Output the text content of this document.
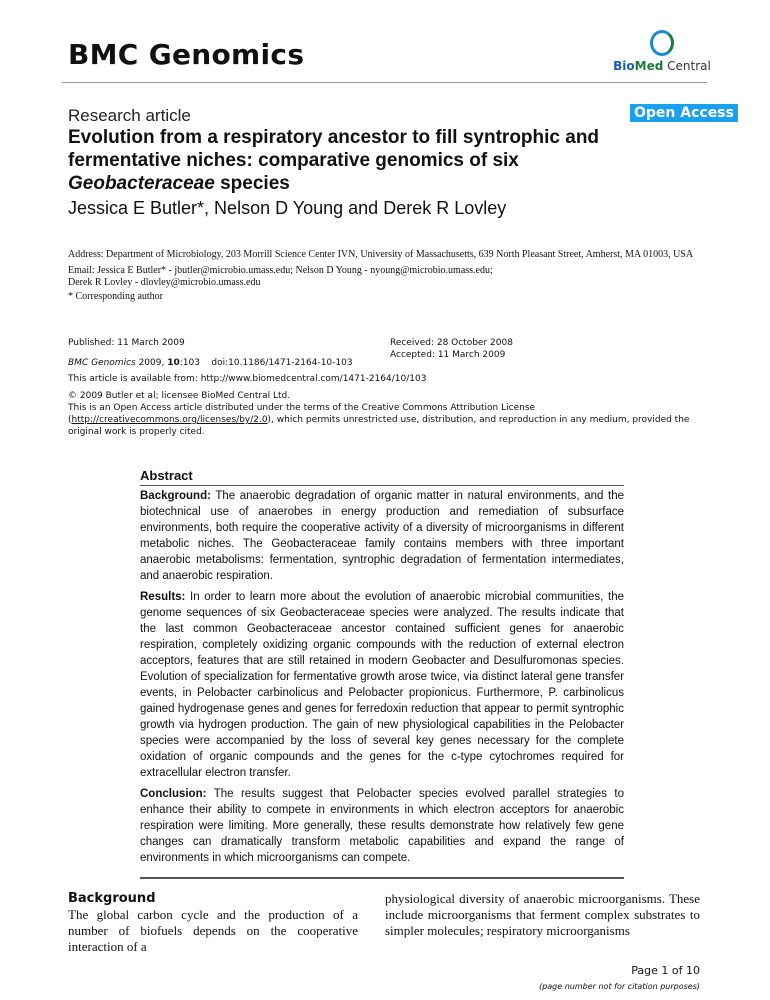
BMC Genomics	BioMed Central
Research article	Open Access
Evolution from a respiratory ancestor to fill syntrophic and fermentative niches: comparative genomics of six Geobacteraceae species
Jessica E Butler*, Nelson D Young and Derek R Lovley
Address: Department of Microbiology, 203 Morrill Science Center IVN, University of Massachusetts, 639 North Pleasant Street, Amherst, MA 01003, USA
Email: Jessica E Butler* - jbutler@microbio.umass.edu; Nelson D Young - nyoung@microbio.umass.edu;
Derek R Lovley - dlovley@microbio.umass.edu
* Corresponding author
Published: 11 March 2009
BMC Genomics 2009, 10:103    doi:10.1186/1471-2164-10-103
Received: 28 October 2008
Accepted: 11 March 2009
This article is available from: http://www.biomedcentral.com/1471-2164/10/103
© 2009 Butler et al; licensee BioMed Central Ltd.
This is an Open Access article distributed under the terms of the Creative Commons Attribution License (http://creativecommons.org/licenses/by/2.0), which permits unrestricted use, distribution, and reproduction in any medium, provided the original work is properly cited.
Abstract

Background: The anaerobic degradation of organic matter in natural environments, and the biotechnical use of anaerobes in energy production and remediation of subsurface environments, both require the cooperative activity of a diversity of microorganisms in different metabolic niches. The Geobacteraceae family contains members with three important anaerobic metabolisms: fermentation, syntrophic degradation of fermentation intermediates, and anaerobic respiration.

Results: In order to learn more about the evolution of anaerobic microbial communities, the genome sequences of six Geobacteraceae species were analyzed. The results indicate that the last common Geobacteraceae ancestor contained sufficient genes for anaerobic respiration, completely oxidizing organic compounds with the reduction of external electron acceptors, features that are still retained in modern Geobacter and Desulfuromonas species. Evolution of specialization for fermentative growth arose twice, via distinct lateral gene transfer events, in Pelobacter carbinolicus and Pelobacter propionicus. Furthermore, P. carbinolicus gained hydrogenase genes and genes for ferredoxin reduction that appear to permit syntrophic growth via hydrogen production. The gain of new physiological capabilities in the Pelobacter species were accompanied by the loss of several key genes necessary for the complete oxidation of organic compounds and the genes for the c-type cytochromes required for extracellular electron transfer.

Conclusion: The results suggest that Pelobacter species evolved parallel strategies to enhance their ability to compete in environments in which electron acceptors for anaerobic respiration were limiting. More generally, these results demonstrate how relatively few gene changes can dramatically transform metabolic capabilities and expand the range of environments in which microorganisms can compete.

Background
The global carbon cycle and the production of a number of biofuels depends on the cooperative interaction of a
physiological diversity of anaerobic microorganisms. These include microorganisms that ferment complex substrates to simpler molecules; respiratory microorganisms
Page 1 of 10
(page number not for citation purposes)
